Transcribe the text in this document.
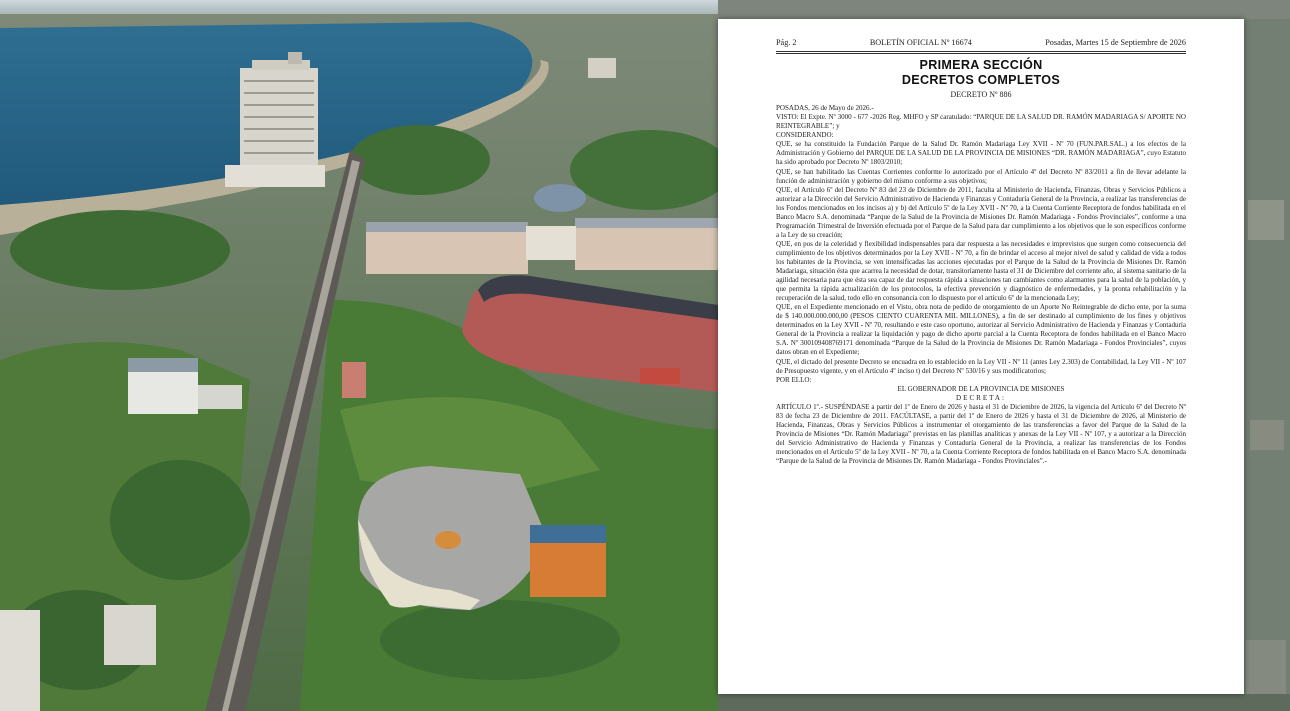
Pág. 2	BOLETÍN OFICIAL Nº 16674	Posadas, Martes 15 de Septiembre de 2026
PRIMERA SECCIÓN
DECRETOS COMPLETOS
DECRETO Nº 886

POSADAS, 26 de Mayo de 2026.-

VISTO: El Expte. Nº 3000 - 677 -2026 Reg. MHFO y SP caratulado: “PARQUE DE LA SALUD DR. RAMÓN MADARIAGA S/ APORTE NO REINTEGRABLE”; y

CONSIDERANDO:

QUE, se ha constituido la Fundación Parque de la Salud Dr. Ramón Madariaga Ley XVII - Nº 70 (FUN.PAR.SAL.) a los efectos de la Administración y Gobierno del PARQUE DE LA SALUD DE LA PROVINCIA DE MISIONES “DR. RAMÓN MADARIAGA”, cuyo Estatuto ha sido aprobado por Decreto Nº 1803/2010;

QUE, se han habilitado las Cuentas Corrientes conforme lo autorizado por el Artículo 4º del Decreto Nº 83/2011 a fin de llevar adelante la función de administración y gobierno del mismo conforme a sus objetivos;

QUE, el Artículo 6º del Decreto Nº 83 del 23 de Diciembre de 2011, faculta al Ministerio de Hacienda, Finanzas, Obras y Servicios Públicos a autorizar a la Dirección del Servicio Administrativo de Hacienda y Finanzas y Contaduría General de la Provincia, a realizar las transferencias de los Fondos mencionados en los incisos a) y b) del Artículo 5º de la Ley XVII - Nº 70, a la Cuenta Corriente Receptora de fondos habilitada en el Banco Macro S.A. denominada “Parque de la Salud de la Provincia de Misiones Dr. Ramón Madariaga - Fondos Provinciales”, conforme a una Programación Trimestral de Inversión efectuada por el Parque de la Salud para dar cumplimiento a los objetivos que le son específicos conforme a la Ley de su creación;

QUE, en pos de la celeridad y flexibilidad indispensables para dar respuesta a las necesidades e imprevistos que surgen como consecuencia del cumplimiento de los objetivos determinados por la Ley XVII - Nº 70, a fin de brindar el acceso al mejor nivel de salud y calidad de vida a todos los habitantes de la Provincia, se ven intensificadas las acciones ejecutadas por el Parque de la Salud de la Provincia de Misiones Dr. Ramón Madariaga, situación ésta que acarrea la necesidad de dotar, transitoriamente hasta el 31 de Diciembre del corriente año, al sistema sanitario de la agilidad necesaria para que ésta sea capaz de dar respuesta rápida a situaciones tan cambiantes como alarmantes para la salud de la población, y que permita la rápida actualización de los protocolos, la efectiva prevención y diagnóstico de enfermedades, y la pronta rehabilitación y la recuperación de la salud, todo ello en consonancia con lo dispuesto por el artículo 6º de la mencionada Ley;

QUE, en el Expediente mencionado en el Visto, obra nota de pedido de otorgamiento de un Aporte No Reintegrable de dicho ente, por la suma de $ 140.000.000.000,00 (PESOS CIENTO CUARENTA MIL MILLONES), a fin de ser destinado al cumplimiento de los fines y objetivos determinados en la Ley XVII - Nº 70, resultando e este caso oportuno, autorizar al Servicio Administrativo de Hacienda y Finanzas y Contaduría General de la Provincia a realizar la liquidación y pago de dicho aporte parcial a la Cuenta Receptora de fondos habilitada en el Banco Macro S.A. Nº 300109408769171 denominada “Parque de la Salud de la Provincia de Misiones Dr. Ramón Madariaga - Fondos Provinciales”, cuyos datos obran en el Expediente;

QUE, el dictado del presente Decreto se encuadra en lo establecido en la Ley VII - Nº 11 (antes Ley 2.303) de Contabilidad, la Ley VII - Nº 107 de Presupuesto vigente, y en el Artículo 4º inciso t) del Decreto Nº 530/16 y sus modificatorios;

POR ELLO:

EL GOBERNADOR DE LA PROVINCIA DE MISIONES

DECRETA:

ARTÍCULO 1º.- SUSPÉNDASE a partir del 1º de Enero de 2026 y hasta el 31 de Diciembre de 2026, la vigencia del Artículo 6º del Decreto Nº 83 de fecha 23 de Diciembre de 2011. FACÚLTASE, a partir del 1º de Enero de 2026 y hasta el 31 de Diciembre de 2026, al Ministerio de Hacienda, Finanzas, Obras y Servicios Públicos a instrumentar el otorgamiento de las transferencias a favor del Parque de la Salud de la Provincia de Misiones “Dr. Ramón Madariaga” previstas en las planillas analíticas y anexas de la Ley VII - Nº 107, y a autorizar a la Dirección del Servicio Administrativo de Hacienda y Finanzas y Contaduría General de la Provincia, a realizar las transferencias de los Fondos mencionados en el Artículo 5º de la Ley XVII - Nº 70, a la Cuenta Corriente Receptora de fondos habilitada en el Banco Macro S.A. denominada “Parque de la Salud de la Provincia de Misiones Dr. Ramón Madariaga - Fondos Provinciales”.-
